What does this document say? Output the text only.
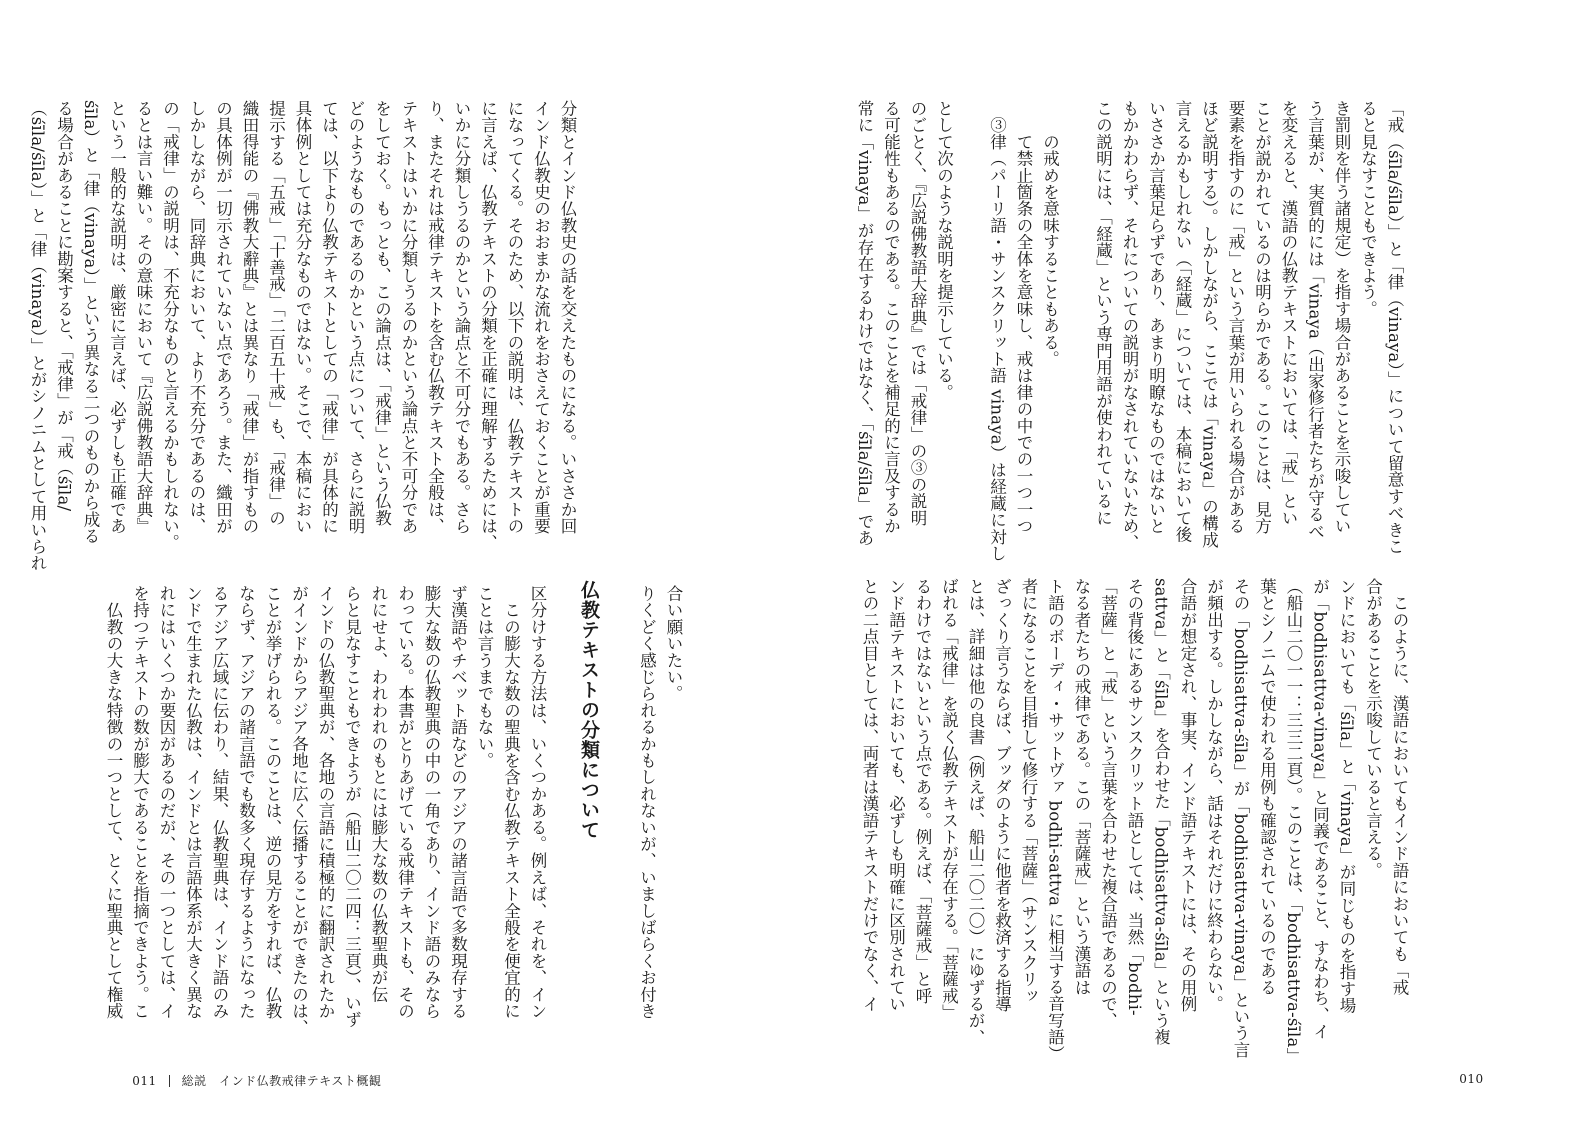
分類とインド仏教史の話を交えたものになる。いささか回

インド仏教史のおおまかな流れをおさえておくことが重要

になってくる。そのため、以下の説明は、仏教テキストの

に言えば、仏教テキストの分類を正確に理解するためには、

いかに分類しうるのかという論点と不可分でもある。さら

り、またそれは戒律テキストを含む仏教テキスト全般は、

テキストはいかに分類しうるのかという論点と不可分であ

をしておく。もっとも、この論点は、「戒律」という仏教

どのようなものであるのかという点について、さらに説明

ては、以下より仏教テキストとしての「戒律」が具体的に

具体例としては充分なものではない。そこで、本稿におい

提示する「五戒」「十善戒」「二百五十戒」も、「戒律」の

織田得能の『佛教大辭典』とは異なり「戒律」が指すもの

の具体例が一切示されていない点であろう。また、織田が

しかしながら、同辞典において、より不充分であるのは、

の「戒律」の説明は、不充分なものと言えるかもしれない。

るとは言い難い。その意味において『広説佛教語大辞典』

という一般的な説明は、厳密に言えば、必ずしも正確であ

śīla）と「律（vinaya）」という異なる二つのものから成る

る場合があることに勘案すると、「戒律」が「戒（śīla/

（śīla/śīla）」と「律（vinaya）」とがシノニムとして用いられ

区分けする方法は、いくつかある。例えば、それを、イン

　この膨大な数の聖典を含む仏教テキスト全般を便宜的に

ことは言うまでもない。

ず漢語やチベット語などのアジアの諸言語で多数現存する

膨大な数の仏教聖典の中の一角であり、インド語のみなら

わっている。本書がとりあげている戒律テキストも、その

れにせよ、われわれのもとには膨大な数の仏教聖典が伝

らと見なすこともできようが（船山二〇二四：三頁）、いず

インドの仏教聖典が、各地の言語に積極的に翻訳されたか

がインドからアジア各地に広く伝播することができたのは、

ことが挙げられる。このことは、逆の見方をすれば、仏教

ならず、アジアの諸言語でも数多く現存するようになった

るアジア広域に伝わり、結果、仏教聖典は、インド語のみ

ンドで生まれた仏教は、インドとは言語体系が大きく異な

れにはいくつか要因があるのだが、その一つとしては、イ

を持つテキストの数が膨大であることを指摘できよう。こ

　仏教の大きな特徴の一つとして、とくに聖典として権威	仏教テキストの分類について	合い願いたい。

りくどく感じられるかもしれないが、いましばらくお付き

011 総説　インド仏教戒律テキスト概観

「戒（śīla/śīla）」と「律（vinaya）」について留意すべきこ

ると見なすこともできよう。

き罰則を伴う諸規定）を指す場合があることを示唆してい

う言葉が、実質的には「vinaya（出家修行者たちが守るべ

を変えると、漢語の仏教テキストにおいては、「戒」とい

ことが説かれているのは明らかである。このことは、見方

要素を指すのに「戒」という言葉が用いられる場合がある

ほど説明する）。しかしながら、ここでは「vinaya」の構成

言えるかもしれない（「経蔵」については、本稿において後

いささか言葉足らずであり、あまり明瞭なものではないと

もかかわらず、それについての説明がなされていないため、

この説明には、「経蔵」という専門用語が使われているに

　　の戒めを意味することもある。

　　て禁止箇条の全体を意味し、戒は律の中での一つ一つ

　③律（パーリ語・サンスクリット語 vinaya）は経蔵に対し

として次のような説明を提示している。

のごとく、『広説佛教語大辞典』では「戒律」の③の説明

る可能性もあるのである。このことを補足的に言及するか

常に「vinaya」が存在するわけではなく、「śīla/śīla」であ

　このように、漢語においてもインド語においても「戒

合があることを示唆していると言える。

ンドにおいても「śīla」と「vinaya」が同じものを指す場

が「bodhisattva-vinaya」と同義であること、すなわち、イ

（船山二〇一一：三三二頁）。このことは、「bodhisattva-śīla」

葉とシノニムで使われる用例も確認されているのである

その「bodhisattva-śīla」が「bodhisattva-vinaya」という言

が頻出する。しかしながら、話はそれだけに終わらない。

合語が想定され、事実、インド語テキストには、その用例

sattva」と「śīla」を合わせた「bodhisattva-śīla」という複

その背後にあるサンスクリット語としては、当然「bodhi-

「菩薩」と「戒」という言葉を合わせた複合語であるので、

なる者たちの戒律である。この「菩薩戒」という漢語は

ト語のボーディ・サットヴァ bodhi-sattva に相当する音写語）

者になることを目指して修行する「菩薩」（サンスクリッ

ざっくり言うならば、ブッダのように他者を救済する指導

とは、詳細は他の良書（例えば、船山二〇二〇）にゆずるが、

ばれる「戒律」を説く仏教テキストが存在する。「菩薩戒」

るわけではないという点である。例えば、「菩薩戒」と呼

ンド語テキストにおいても、必ずしも明確に区別されてい

との二点目としては、両者は漢語テキストだけでなく、イ

010
